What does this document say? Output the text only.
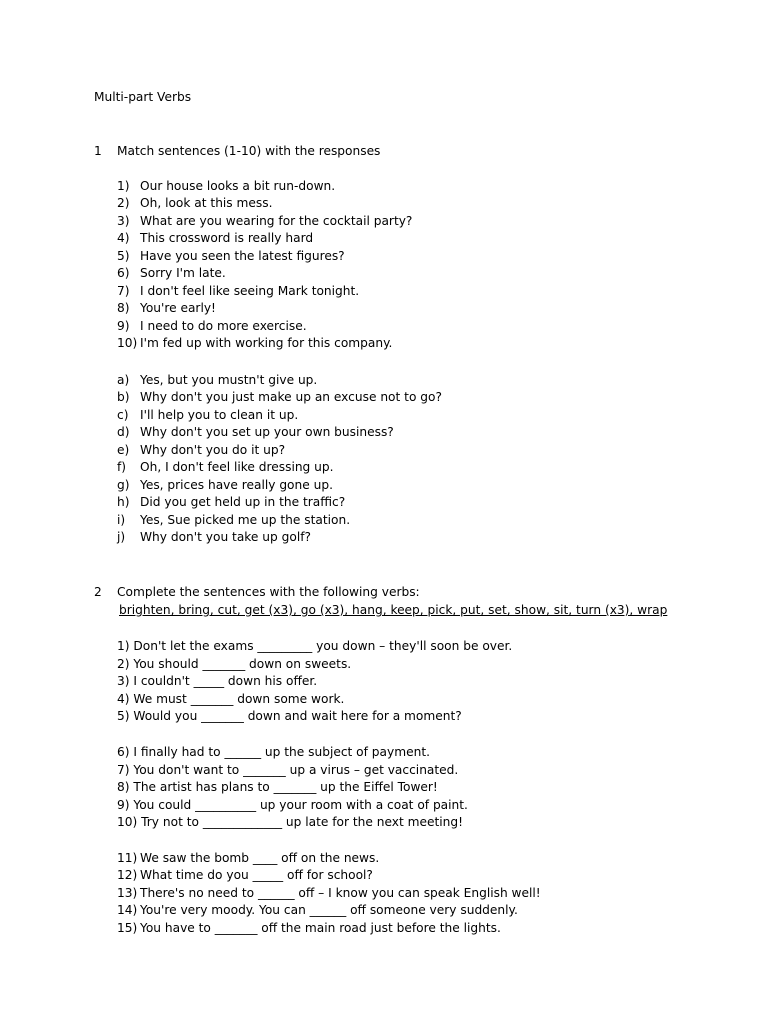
Multi-part Verbs
1 Match sentences (1-10) with the responses
1) Our house looks a bit run-down.
2) Oh, look at this mess.
3) What are you wearing for the cocktail party?
4) This crossword is really hard
5) Have you seen the latest figures?
6) Sorry I'm late.
7) I don't feel like seeing Mark tonight.
8) You're early!
9) I need to do more exercise.
10) I'm fed up with working for this company.
a) Yes, but you mustn't give up.
b) Why don't you just make up an excuse not to go?
c) I'll help you to clean it up.
d) Why don't you set up your own business?
e) Why don't you do it up?
f) Oh, I don't feel like dressing up.
g) Yes, prices have really gone up.
h) Did you get held up in the traffic?
i) Yes, Sue picked me up the station.
j) Why don't you take up golf?
2 Complete the sentences with the following verbs:
brighten, bring, cut, get (x3), go (x3), hang, keep, pick, put, set, show, sit, turn (x3), wrap
1) Don't let the exams _________ you down – they'll soon be over.
2) You should _______ down on sweets.
3) I couldn't _____ down his offer.
4) We must _______ down some work.
5) Would you _______ down and wait here for a moment?
6) I finally had to ______ up the subject of payment.
7) You don't want to _______ up a virus – get vaccinated.
8) The artist has plans to _______ up the Eiffel Tower!
9) You could __________ up your room with a coat of paint.
10) Try not to _____________ up late for the next meeting!
11) We saw the bomb ____ off on the news.
12) What time do you _____ off for school?
13) There's no need to ______ off – I know you can speak English well!
14) You're very moody. You can ______ off someone very suddenly.
15) You have to _______ off the main road just before the lights.
